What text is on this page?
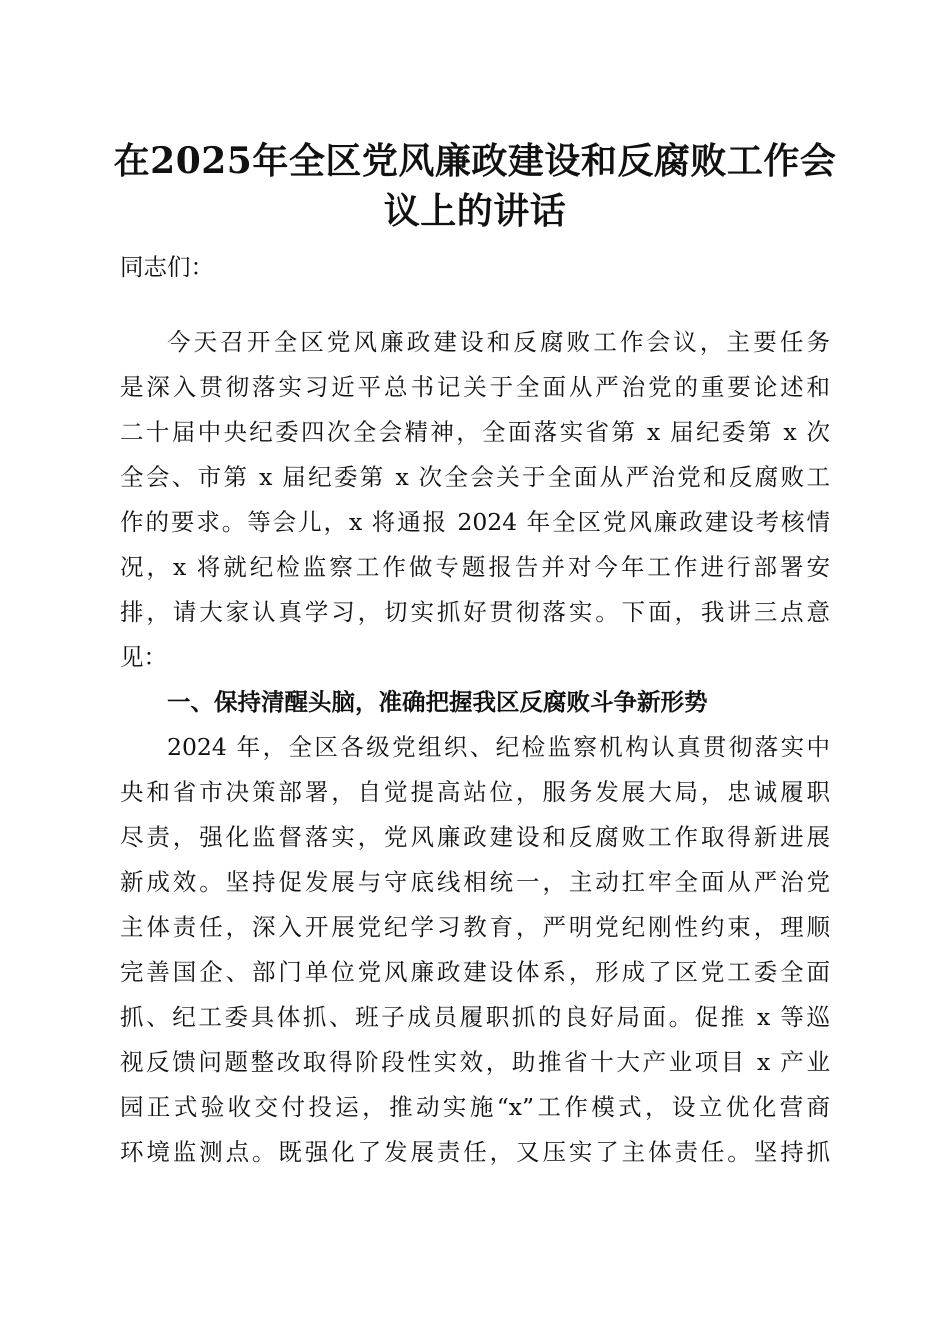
在2025年全区党风廉政建设和反腐败工作会
议上的讲话
同志们：
今天召开全区党风廉政建设和反腐败工作会议，主要任务
是深入贯彻落实习近平总书记关于全面从严治党的重要论述和
二十届中央纪委四次全会精神，全面落实省第 x 届纪委第 x 次
全会、市第 x 届纪委第 x 次全会关于全面从严治党和反腐败工
作的要求。等会儿，x 将通报 2024 年全区党风廉政建设考核情
况，x 将就纪检监察工作做专题报告并对今年工作进行部署安
排，请大家认真学习，切实抓好贯彻落实。下面，我讲三点意
见：
一、保持清醒头脑，准确把握我区反腐败斗争新形势
2024 年，全区各级党组织、纪检监察机构认真贯彻落实中
央和省市决策部署，自觉提高站位，服务发展大局，忠诚履职
尽责，强化监督落实，党风廉政建设和反腐败工作取得新进展
新成效。坚持促发展与守底线相统一，主动扛牢全面从严治党
主体责任，深入开展党纪学习教育，严明党纪刚性约束，理顺
完善国企、部门单位党风廉政建设体系，形成了区党工委全面
抓、纪工委具体抓、班子成员履职抓的良好局面。促推 x 等巡
视反馈问题整改取得阶段性实效，助推省十大产业项目 x 产业
园正式验收交付投运，推动实施“x”工作模式，设立优化营商
环境监测点。既强化了发展责任，又压实了主体责任。坚持抓
